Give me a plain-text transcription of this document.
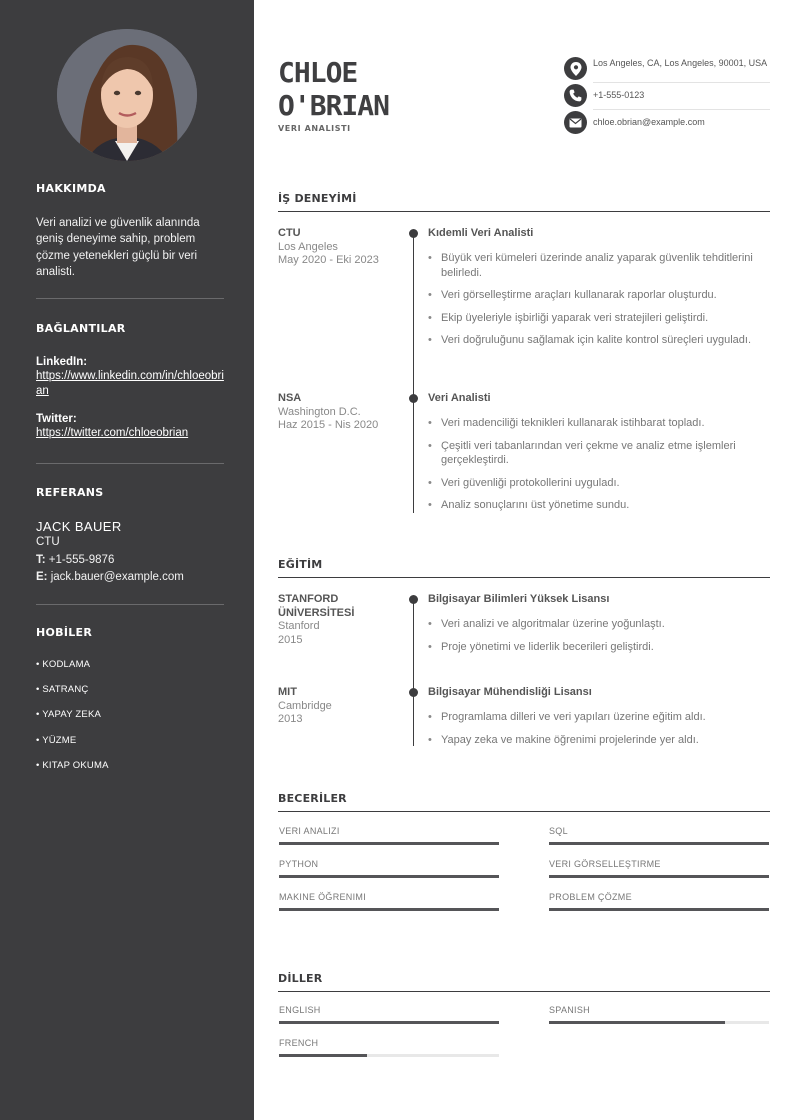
HAKKIMDA
Veri analizi ve güvenlik alanında geniş deneyime sahip, problem çözme yetenekleri güçlü bir veri analisti.
BAĞLANTILAR
LinkedIn:
https://www.linkedin.com/in/chloeobrian
Twitter:
https://twitter.com/chloeobrian
REFERANS
JACK BAUER
CTU
T: +1-555-9876
E: jack.bauer@example.com
HOBİLER
• KODLAMA
• SATRANÇ
• YAPAY ZEKA
• YÜZME
• KITAP OKUMA
CHLOE
O'BRIAN
VERI ANALISTI
Los Angeles, CA, Los Angeles, 90001, USA
+1-555-0123
chloe.obrian@example.com
İŞ DENEYİMİ
CTU
Los Angeles
May 2020 - Eki 2023
Kıdemli Veri Analisti
• Büyük veri kümeleri üzerinde analiz yaparak güvenlik tehditlerini belirledi.
• Veri görselleştirme araçları kullanarak raporlar oluşturdu.
• Ekip üyeleriyle işbirliği yaparak veri stratejileri geliştirdi.
• Veri doğruluğunu sağlamak için kalite kontrol süreçleri uyguladı.
NSA
Washington D.C.
Haz 2015 - Nis 2020
Veri Analisti
• Veri madenciliği teknikleri kullanarak istihbarat topladı.
• Çeşitli veri tabanlarından veri çekme ve analiz etme işlemleri gerçekleştirdi.
• Veri güvenliği protokollerini uyguladı.
• Analiz sonuçlarını üst yönetime sundu.
EĞİTİM
STANFORD ÜNİVERSİTESİ
Stanford
2015
Bilgisayar Bilimleri Yüksek Lisansı
• Veri analizi ve algoritmalar üzerine yoğunlaştı.
• Proje yönetimi ve liderlik becerileri geliştirdi.
MIT
Cambridge
2013
Bilgisayar Mühendisliği Lisansı
• Programlama dilleri ve veri yapıları üzerine eğitim aldı.
• Yapay zeka ve makine öğrenimi projelerinde yer aldı.
BECERİLER
VERI ANALIZI	SQL
PYTHON	VERI GÖRSELLEŞTIRME
MAKINE ÖĞRENIMI	PROBLEM ÇÖZME
DİLLER
ENGLISH	SPANISH
FRENCH
